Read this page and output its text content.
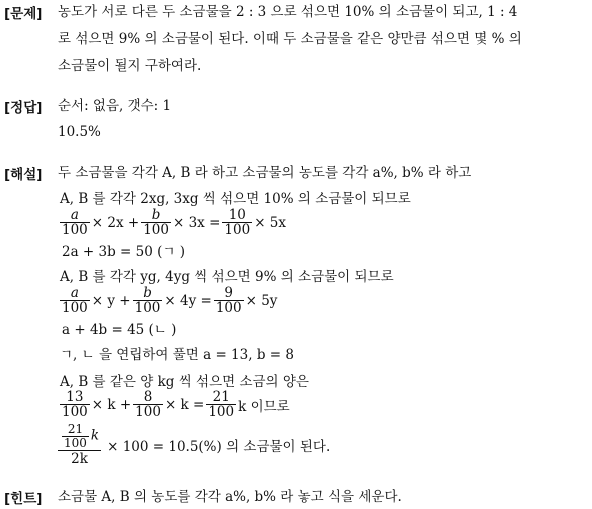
[문제] 농도가 서로 다른 두 소금물을 2 : 3 으로 섞으면 10% 의 소금물이 되고, 1 : 4
로 섞으면 9% 의 소금물이 된다. 이때 두 소금물을 같은 양만큼 섞으면 몇 % 의
소금물이 될지 구하여라.
[정답] 순서: 없음, 갯수: 1
10.5%
[해설] 두 소금물을 각각 A, B 라 하고 소금물의 농도를 각각 a%, b% 라 하고
A, B 를 각각 2xg, 3xg 씩 섞으면 10% 의 소금물이 되므로
$\frac{a}{100} \times 2x + \frac{b}{100} \times 3x = \frac{10}{100} \times 5x$
2a + 3b = 50 (ㄱ )
A, B 를 각각 yg, 4yg 씩 섞으면 9% 의 소금물이 되므로
$\frac{a}{100} \times y + \frac{b}{100} \times 4y = \frac{9}{100} \times 5y$
a + 4b = 45 (ㄴ )
ㄱ, ㄴ 을 연립하여 풀면 a = 13, b = 8
A, B 를 같은 양 kg 씩 섞으면 소금의 양은
$\frac{13}{100} \times k + \frac{8}{100} \times k = \frac{21}{100}$ k 이므로
$\frac{\frac{21}{100} k}{2k} \times 100 = 10.5(\%)$ 의 소금물이 된다.
[힌트] 소금물 A, B 의 농도를 각각 a%, b% 라 놓고 식을 세운다.
